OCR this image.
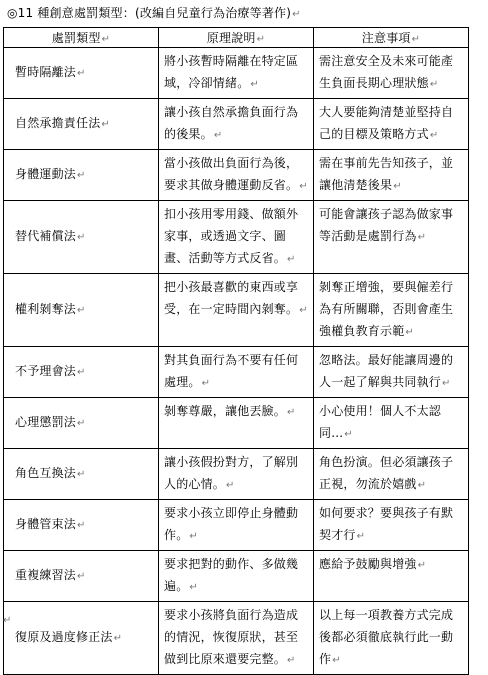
◎11 種創意處罰類型：(改編自兒童行為治療等著作)↵
處罰類型↵	原理說明↵	注意事項↵
暫時隔離法↵	將小孩暫時隔離在特定區域，冷卻情緒。↵	需注意安全及未來可能產生負面長期心理狀態↵
自然承擔責任法↵	讓小孩自然承擔負面行為的後果。↵	大人要能夠清楚並堅持自己的目標及策略方式↵
身體運動法↵	當小孩做出負面行為後，要求其做身體運動反省。↵	需在事前先告知孩子，並讓他清楚後果↵
替代補償法↵	扣小孩用零用錢、做額外家事，或透過文字、圖畫、活動等方式反省。↵	可能會讓孩子認為做家事等活動是處罰行為↵
權利剝奪法↵	把小孩最喜歡的東西或享受，在一定時間內剝奪。↵	剝奪正增強，要與僱差行為有所關聯，否則會產生強權負教育示範↵
不予理會法↵	對其負面行為不要有任何處理。↵	忽略法。最好能讓周邊的人一起了解與共同執行↵
心理懲罰法↵	剝奪尊嚴，讓他丟臉。↵	小心使用！個人不太認同...↵
角色互換法↵	讓小孩假扮對方，了解別人的心情。↵	角色扮演。但必須讓孩子正視，勿流於嬉戲↵
身體管束法↵	要求小孩立即停止身體動作。↵	如何要求？要與孩子有默契才行↵
重複練習法↵	要求把對的動作、多做幾遍。↵	應給予鼓勵與增強↵
復原及過度修正法↵	要求小孩將負面行為造成的情況，恢復原狀，甚至做到比原來還要完整。↵	以上每一項教養方式完成後都必須徹底執行此一動作↵
↵
